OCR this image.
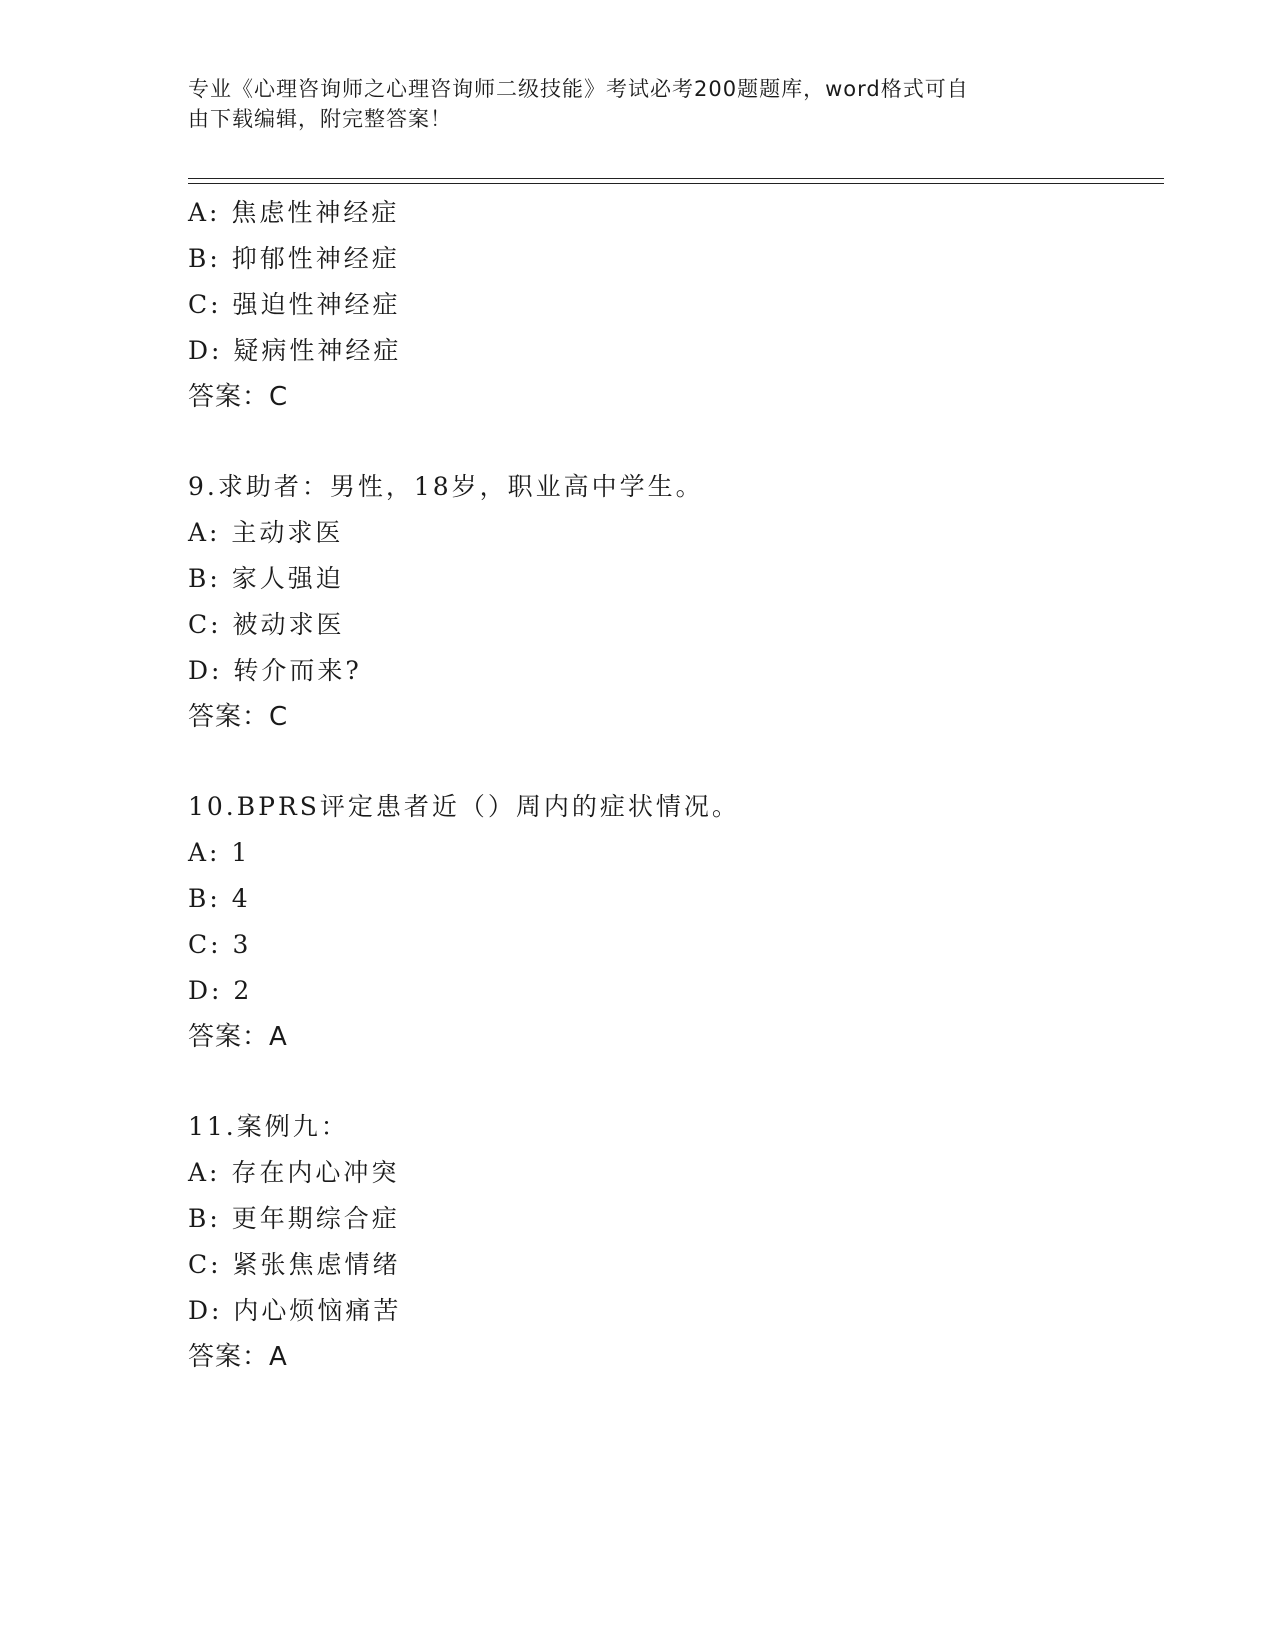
专业《心理咨询师之心理咨询师二级技能》考试必考200题题库，word格式可自
由下载编辑，附完整答案！
A: 焦虑性神经症
B: 抑郁性神经症
C: 强迫性神经症
D: 疑病性神经症
答案：C
9.求助者：男性，18岁，职业高中学生。
A: 主动求医
B: 家人强迫
C: 被动求医
D: 转介而来?
答案：C
10.BPRS评定患者近（）周内的症状情况。
A: 1
B: 4
C: 3
D: 2
答案：A
11.案例九：
A: 存在内心冲突
B: 更年期综合症
C: 紧张焦虑情绪
D: 内心烦恼痛苦
答案：A
